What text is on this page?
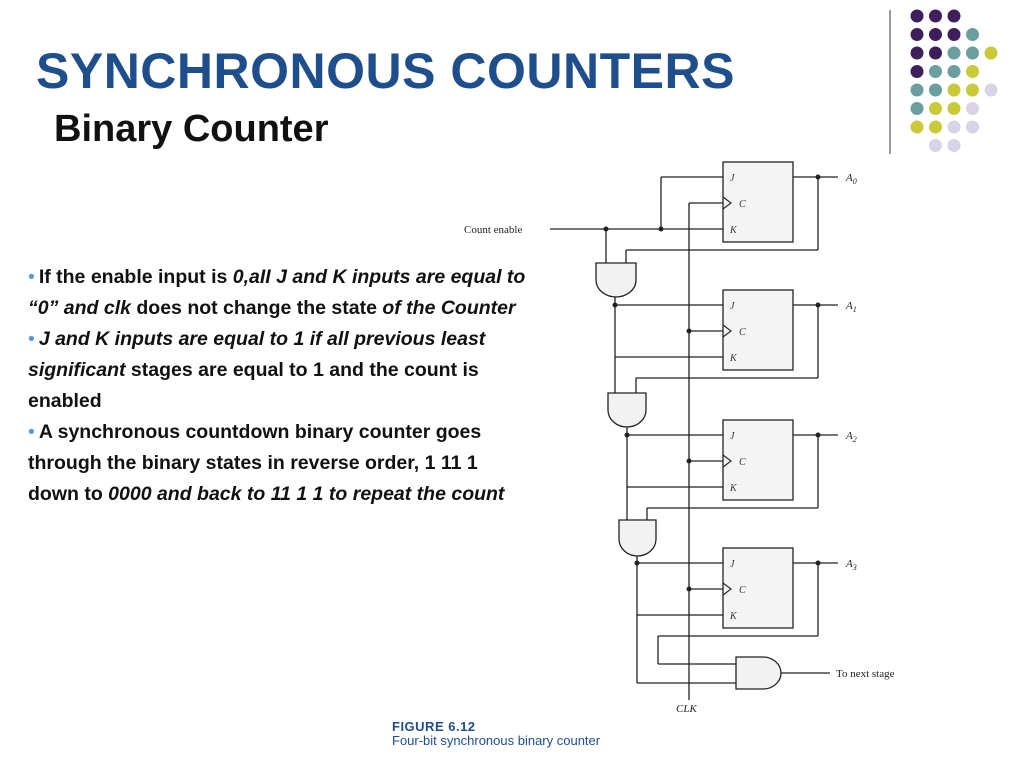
SYNCHRONOUS COUNTERS
Binary Counter

• If the enable input is 0,aII J and K inputs are equal to “0” and clk does not change the state of the Counter

• J and K inputs are equal to 1 if all previous least significant stages are equal to 1 and the count is enabled

• A synchronous countdown binary counter goes through the binary states in reverse order, 1 11 1 down to 0000 and back to 11 1 1 to repeat the count

J
C
K
J
C
K
J
C
K
J
C
K
Count enable
CLK
To next stage
$A_0$
$A_1$
$A_2$
$A_3$
FIGURE 6.12
Four-bit synchronous binary counter
